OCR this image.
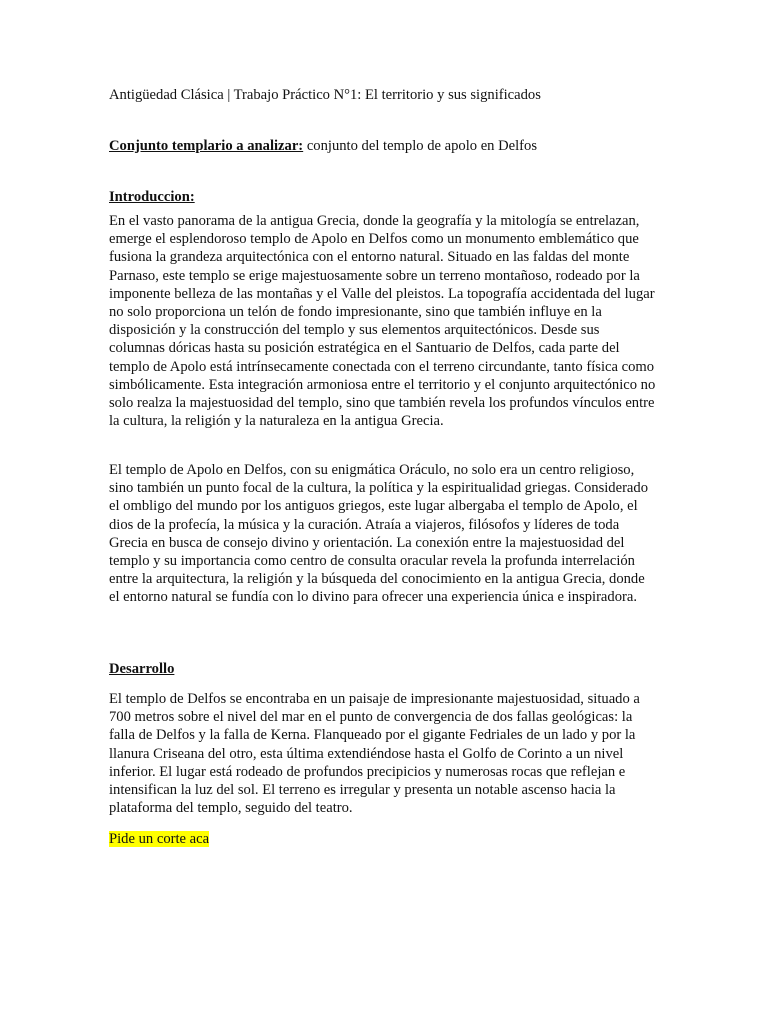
Antigüedad Clásica | Trabajo Práctico N°1: El territorio y sus significados

Conjunto templario a analizar: conjunto del templo de apolo en Delfos

Introduccion:

En el vasto panorama de la antigua Grecia, donde la geografía y la mitología se entrelazan, emerge el esplendoroso templo de Apolo en Delfos como un monumento emblemático que fusiona la grandeza arquitectónica con el entorno natural. Situado en las faldas del monte Parnaso, este templo se erige majestuosamente sobre un terreno montañoso, rodeado por la imponente belleza de las montañas y el Valle del pleistos. La topografía accidentada del lugar no solo proporciona un telón de fondo impresionante, sino que también influye en la disposición y la construcción del templo y sus elementos arquitectónicos. Desde sus columnas dóricas hasta su posición estratégica en el Santuario de Delfos, cada parte del templo de Apolo está intrínsecamente conectada con el terreno circundante, tanto física como simbólicamente. Esta integración armoniosa entre el territorio y el conjunto arquitectónico no solo realza la majestuosidad del templo, sino que también revela los profundos vínculos entre la cultura, la religión y la naturaleza en la antigua Grecia.

El templo de Apolo en Delfos, con su enigmática Oráculo, no solo era un centro religioso, sino también un punto focal de la cultura, la política y la espiritualidad griegas. Considerado el ombligo del mundo por los antiguos griegos, este lugar albergaba el templo de Apolo, el dios de la profecía, la música y la curación. Atraía a viajeros, filósofos y líderes de toda Grecia en busca de consejo divino y orientación. La conexión entre la majestuosidad del templo y su importancia como centro de consulta oracular revela la profunda interrelación entre la arquitectura, la religión y la búsqueda del conocimiento en la antigua Grecia, donde el entorno natural se fundía con lo divino para ofrecer una experiencia única e inspiradora.

Desarrollo

El templo de Delfos se encontraba en un paisaje de impresionante majestuosidad, situado a 700 metros sobre el nivel del mar en el punto de convergencia de dos fallas geológicas: la falla de Delfos y la falla de Kerna. Flanqueado por el gigante Fedriales de un lado y por la llanura Criseana del otro, esta última extendiéndose hasta el Golfo de Corinto a un nivel inferior. El lugar está rodeado de profundos precipicios y numerosas rocas que reflejan e intensifican la luz del sol. El terreno es irregular y presenta un notable ascenso hacia la plataforma del templo, seguido del teatro.

Pide un corte aca
